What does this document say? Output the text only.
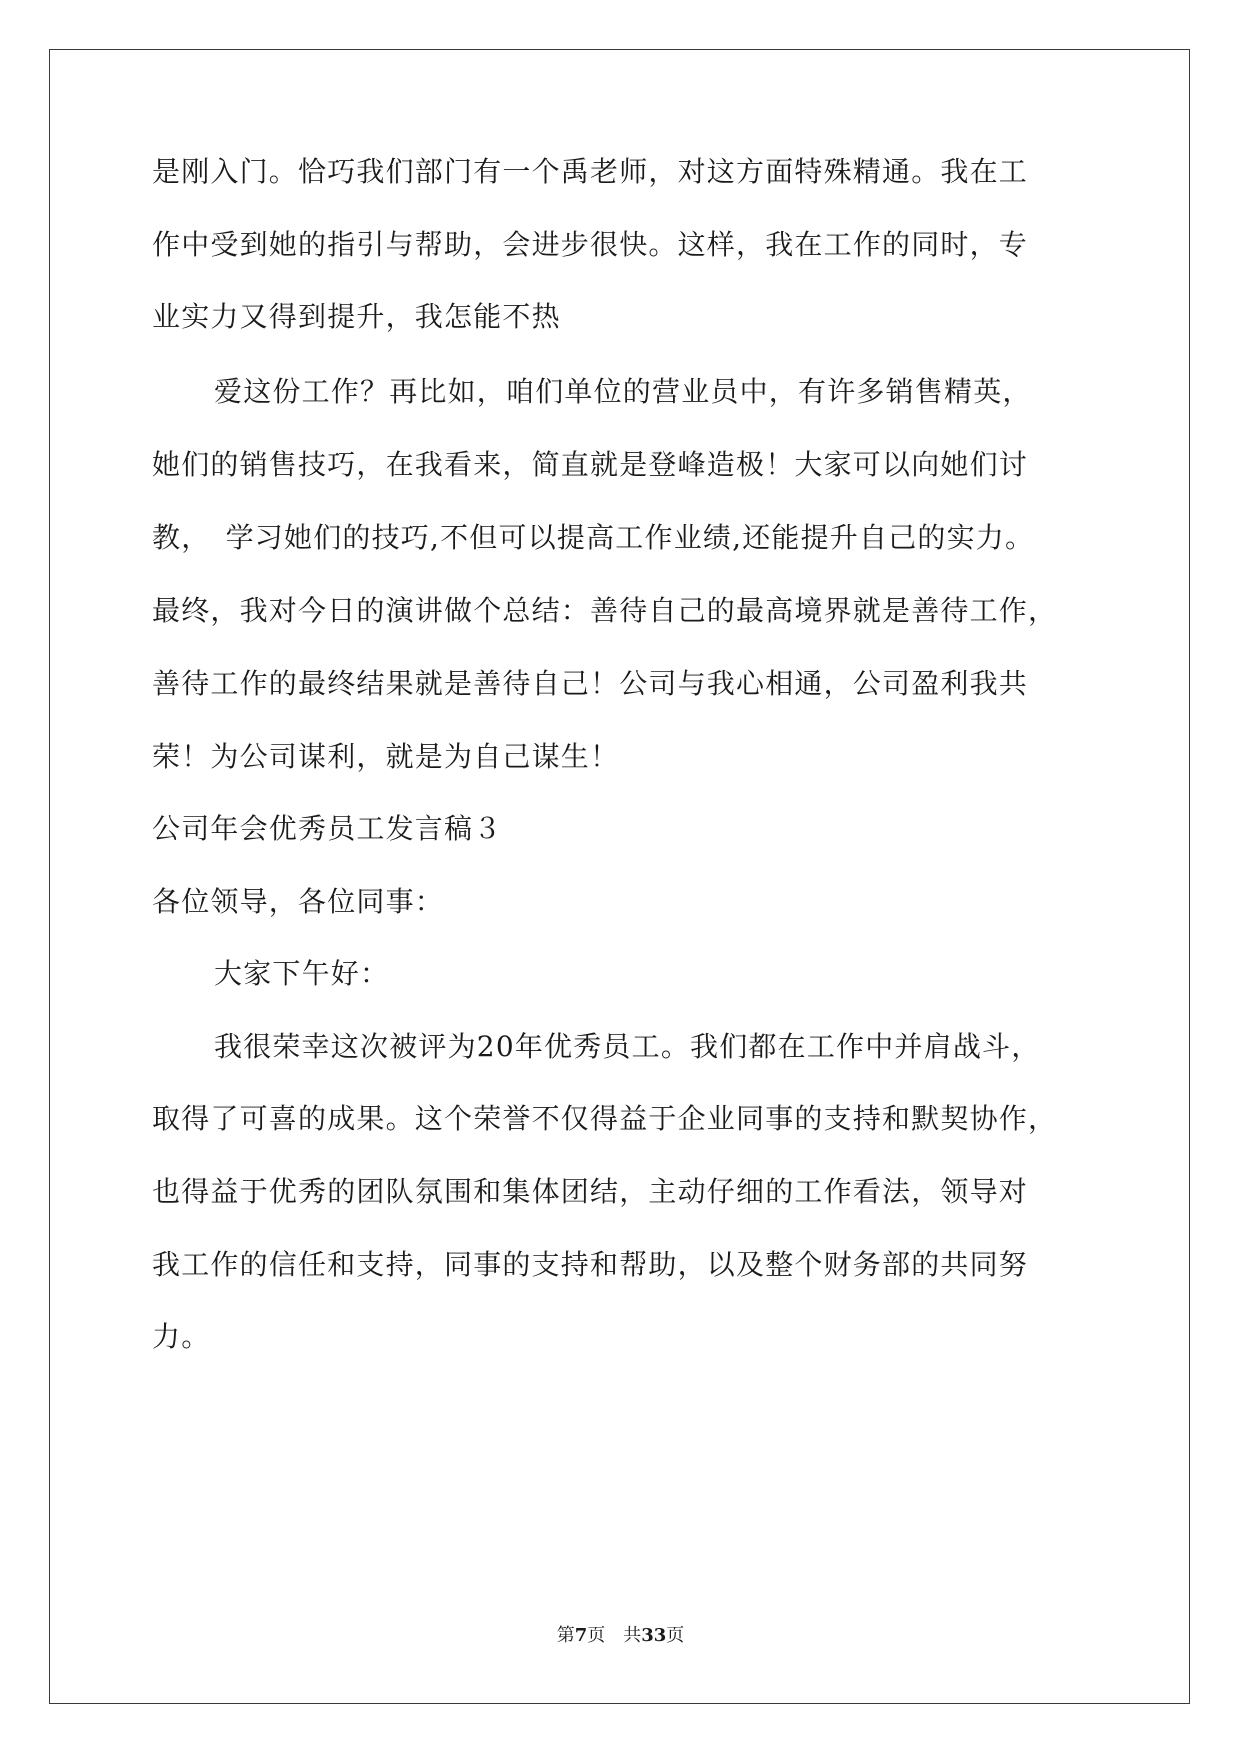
是刚入门。恰巧我们部门有一个禹老师，对这方面特殊精通。我在工
作中受到她的指引与帮助，会进步很快。这样，我在工作的同时，专
业实力又得到提升，我怎能不热
爱这份工作？再比如，咱们单位的营业员中，有许多销售精英，
她们的销售技巧，在我看来，简直就是登峰造极！大家可以向她们讨
教，　学习她们的技巧,不但可以提高工作业绩,还能提升自己的实力。
最终，我对今日的演讲做个总结：善待自己的最高境界就是善待工作，
善待工作的最终结果就是善待自己！公司与我心相通，公司盈利我共
荣！为公司谋利，就是为自己谋生！
公司年会优秀员工发言稿３
各位领导，各位同事：
大家下午好：
我很荣幸这次被评为20年优秀员工。我们都在工作中并肩战斗，
取得了可喜的成果。这个荣誉不仅得益于企业同事的支持和默契协作，
也得益于优秀的团队氛围和集体团结，主动仔细的工作看法，领导对
我工作的信任和支持，同事的支持和帮助，以及整个财务部的共同努
力。
第7页 共33页
